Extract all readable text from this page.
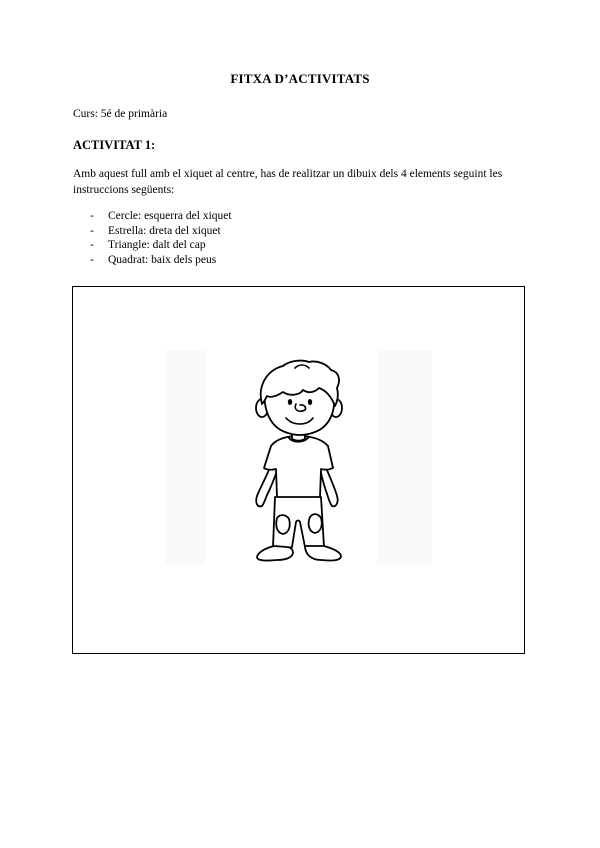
FITXA D’ACTIVITATS
Curs: 5é de primària
ACTIVITAT 1:
Amb aquest full amb el xiquet al centre, has de realitzar un dibuix dels 4 elements seguint les instruccions següents:
- Cercle: esquerra del xiquet
- Estrella: dreta del xiquet
- Triangle: dalt del cap
- Quadrat: baix dels peus
